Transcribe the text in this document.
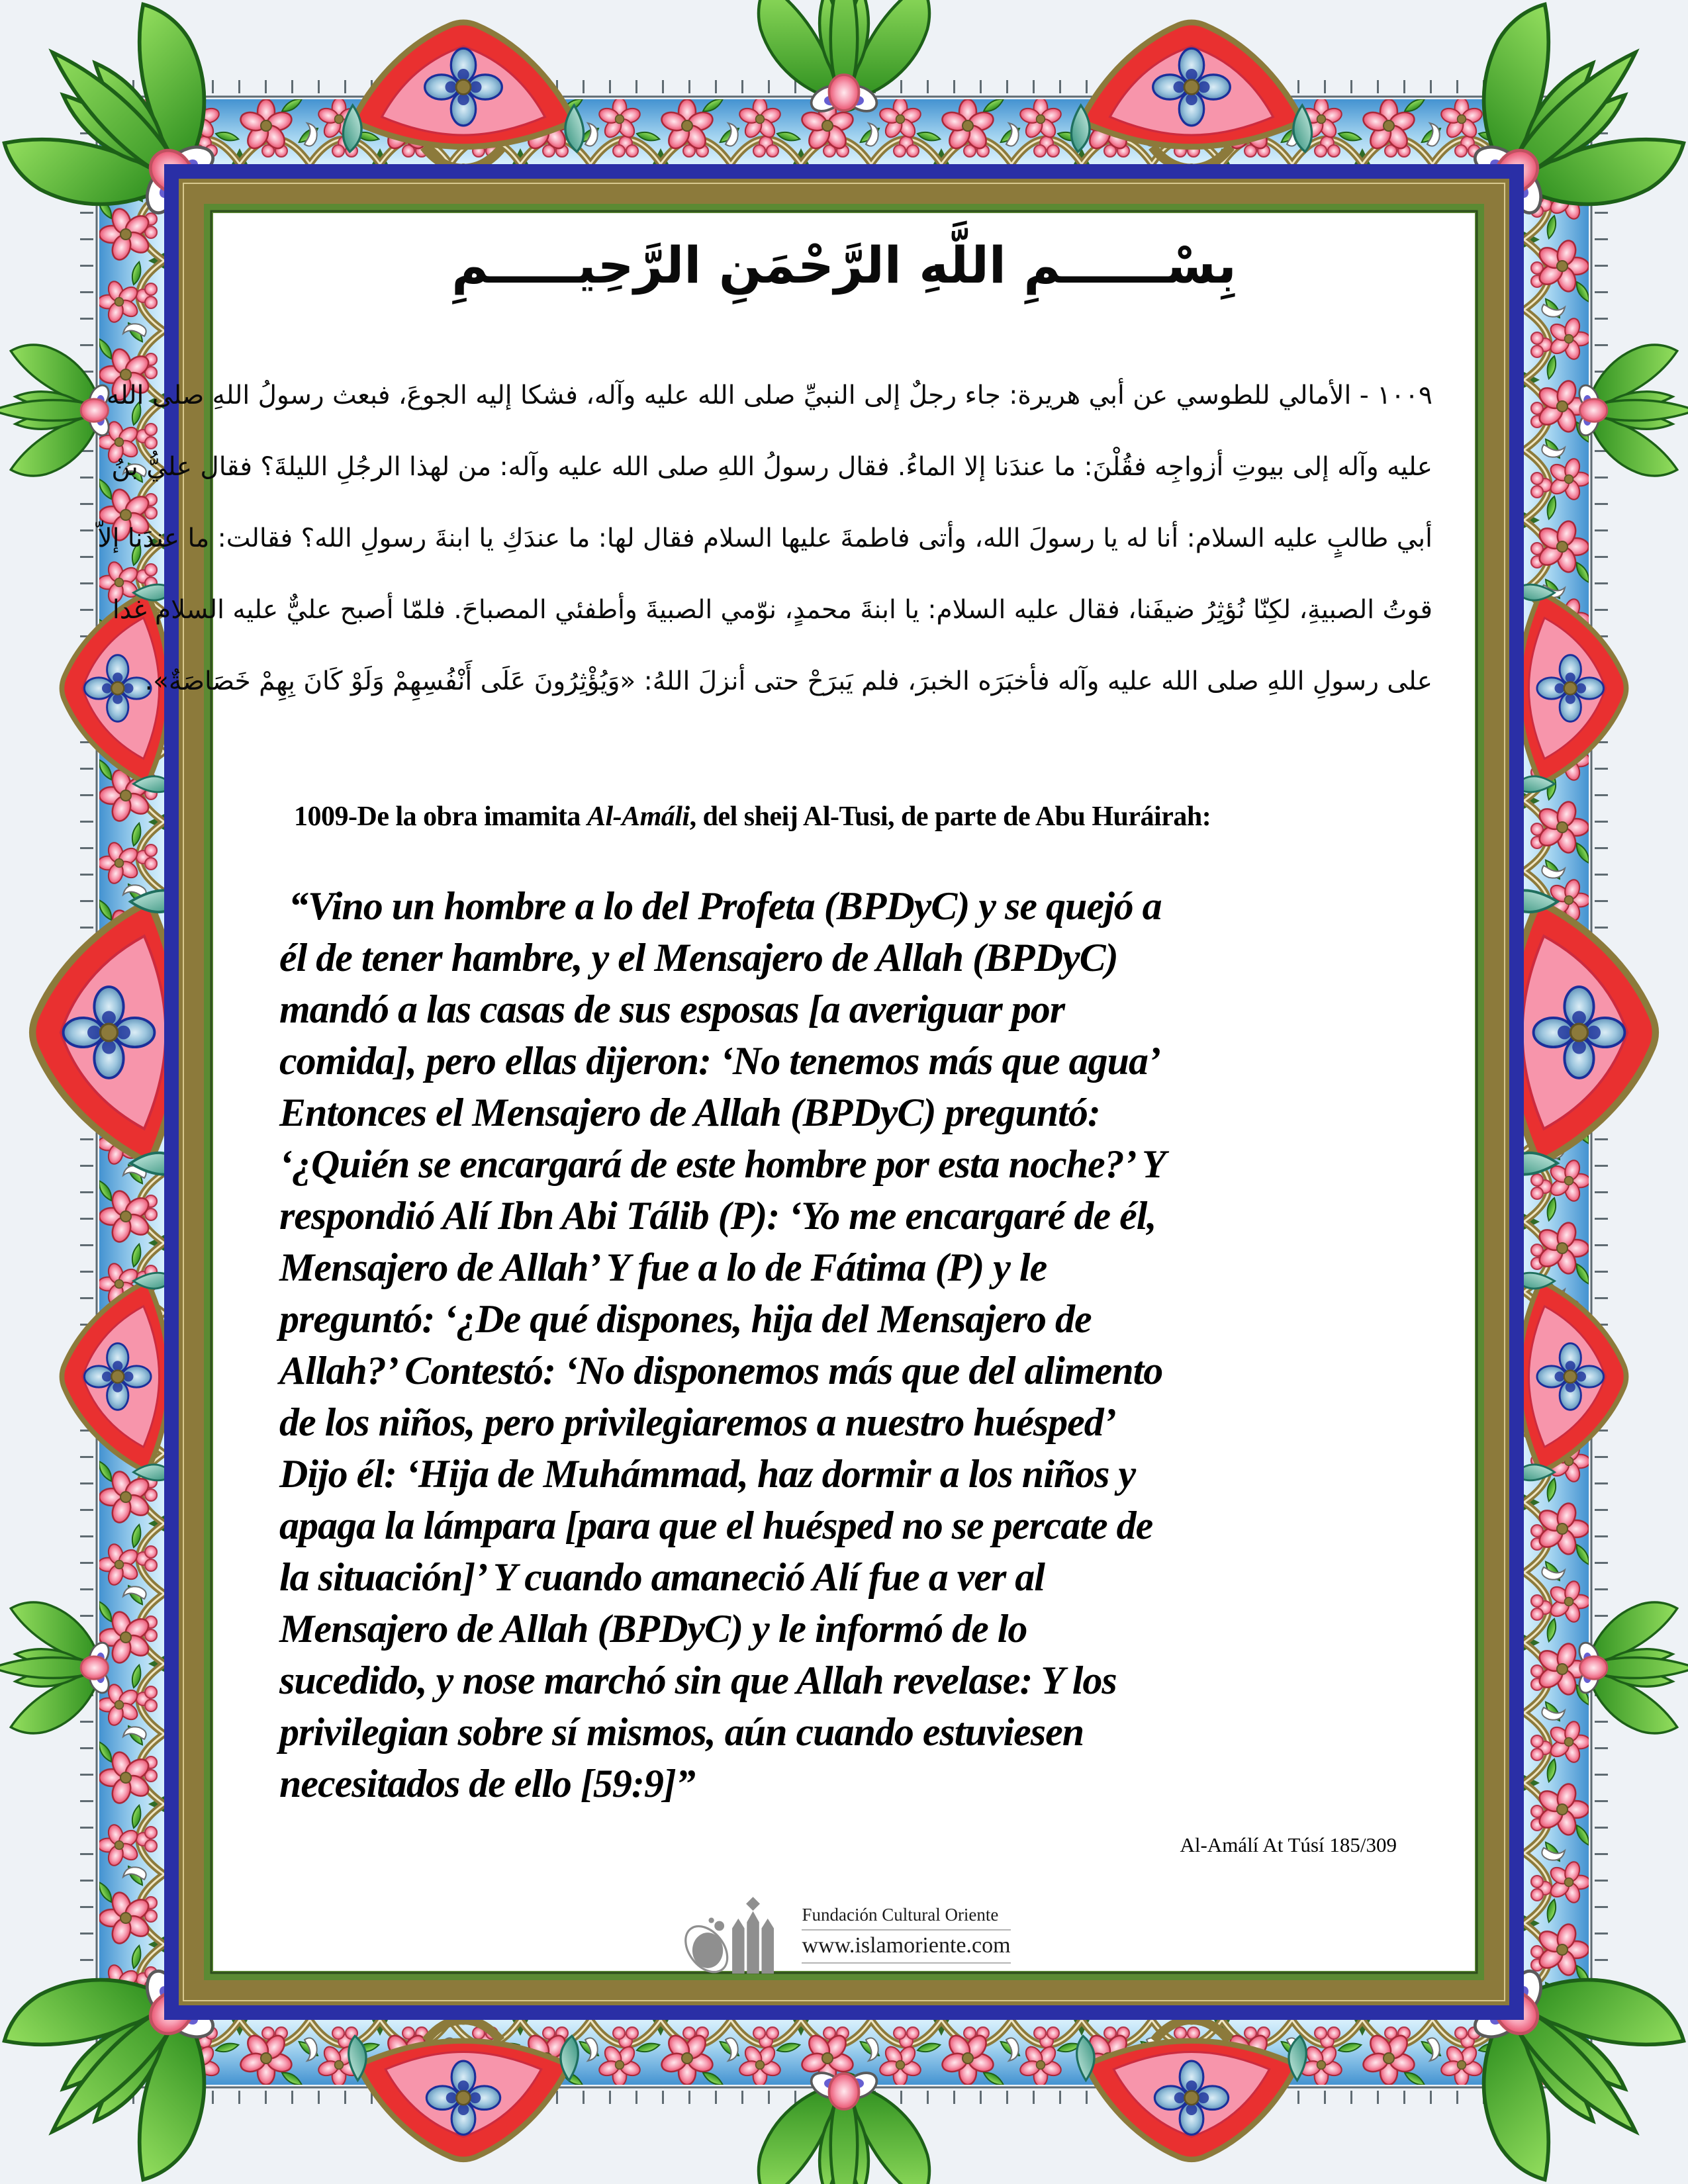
بِسْــــــمِ اللَّهِ الرَّحْمَنِ الرَّحِيـــــمِ
١٠٠٩ - الأمالي للطوسي عن أبي هريرة: جاء رجلٌ إلى النبيِّ صلى الله عليه وآله، فشكا إليه الجوعَ، فبعث رسولُ اللهِ صلى الله
عليه وآله إلى بيوتِ أزواجِه فقُلْنَ: ما عندَنا إلا الماءُ. فقال رسولُ اللهِ صلى الله عليه وآله: من لهذا الرجُلِ الليلةَ؟ فقال عليُّ بنُ
أبي طالبٍ عليه السلام: أنا له يا رسولَ الله، وأتى فاطمةَ عليها السلام فقال لها: ما عندَكِ يا ابنةَ رسولِ الله؟ فقالت: ما عندَنا إلاّ
قوتُ الصبيةِ، لكِنّا نُؤثِرُ ضيفَنا، فقال عليه السلام: يا ابنةَ محمدٍ، نوّمي الصبيةَ وأطفئي المصباحَ. فلمّا أصبح عليٌّ عليه السلام غدا
على رسولِ اللهِ صلى الله عليه وآله فأخبَرَه الخبرَ، فلم يَبرَحْ حتى أنزلَ اللهُ: «وَيُؤْثِرُونَ عَلَى أَنْفُسِهِمْ وَلَوْ كَانَ بِهِمْ خَصَاصَةٌ».

1009-De la obra imamita Al-Amáli, del sheij Al-Tusi, de parte de Abu Huráirah:

“Vino un hombre a lo del Profeta (BPDyC) y se quejó a
él de tener hambre, y el Mensajero de Allah (BPDyC)
mandó a las casas de sus esposas [a averiguar por
comida], pero ellas dijeron: ‘No tenemos más que agua’
Entonces el Mensajero de Allah (BPDyC) preguntó:
‘¿Quién se encargará de este hombre por esta noche?’ Y
respondió Alí Ibn Abi Tálib (P): ‘Yo me encargaré de él,
Mensajero de Allah’ Y fue a lo de Fátima (P) y le
preguntó: ‘¿De qué dispones, hija del Mensajero de
Allah?’ Contestó: ‘No disponemos más que del alimento
de los niños, pero privilegiaremos a nuestro huésped’
Dijo él: ‘Hija de Muhámmad, haz dormir a los niños y
apaga la lámpara [para que el huésped no se percate de
la situación]’ Y cuando amaneció Alí fue a ver al
Mensajero de Allah (BPDyC) y le informó de lo
sucedido, y nose marchó sin que Allah revelase: Y los
privilegian sobre sí mismos, aún cuando estuviesen
necesitados de ello [59:9]”
Al-Amálí At Túsí 185/309
Fundación Cultural Oriente
www.islamoriente.com
